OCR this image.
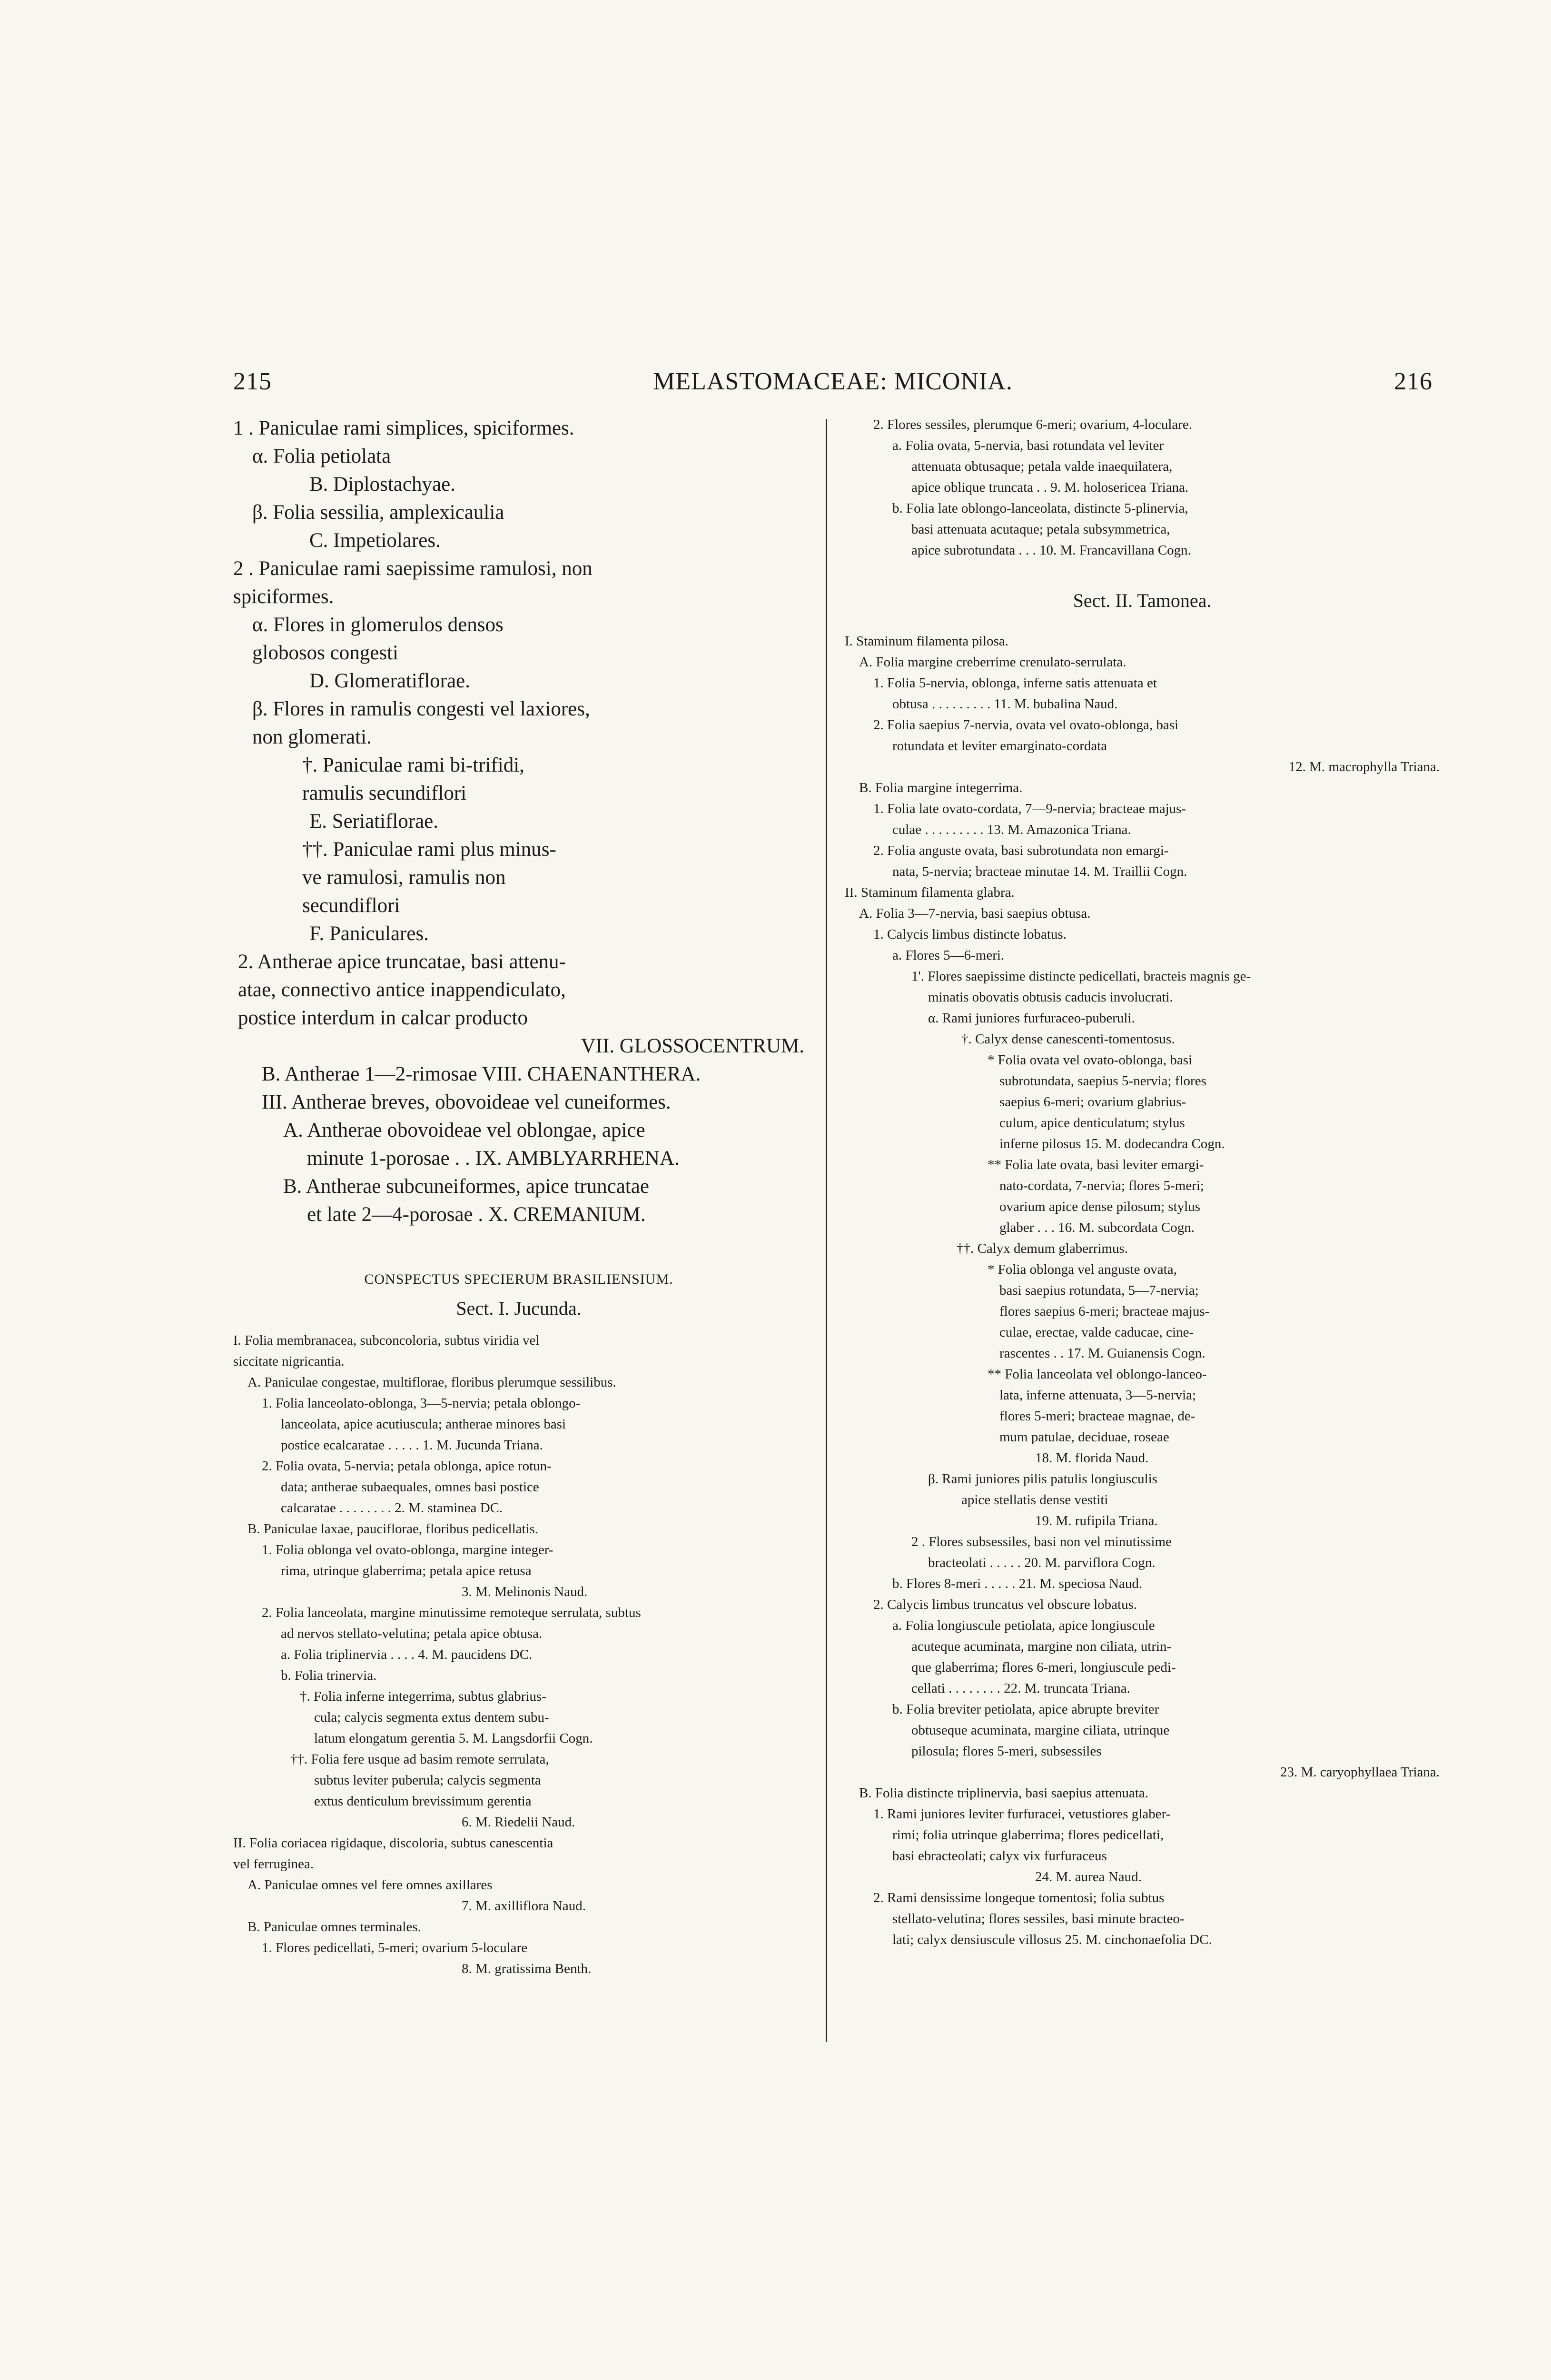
215	MELASTOMACEAE: MICONIA.	216
1 . Paniculae rami simplices, spiciformes.
α. Folia petiolata
B. Diplostachyae.
β. Folia sessilia, amplexicaulia
C. Impetiolares.
2 . Paniculae rami saepissime ramulosi, non
spiciformes.
α. Flores in glomerulos densos
globosos congesti
D. Glomeratiflorae.
β. Flores in ramulis congesti vel laxiores,
non glomerati.
†. Paniculae rami bi-trifidi,
ramulis secundiflori
E. Seriatiflorae.
††. Paniculae rami plus minus-
ve ramulosi, ramulis non
secundiflori
F. Paniculares.
2. Antherae apice truncatae, basi attenu-
atae, connectivo antice inappendiculato,
postice interdum in calcar producto
VII. GLOSSOCENTRUM.
B. Antherae 1—2-rimosae VIII. CHAENANTHERA.
III. Antherae breves, obovoideae vel cuneiformes.
A. Antherae obovoideae vel oblongae, apice
minute 1-porosae . . IX. AMBLYARRHENA.
B. Antherae subcuneiformes, apice truncatae
et late 2—4-porosae . X. CREMANIUM.
CONSPECTUS SPECIERUM BRASILIENSIUM.
Sect. I. Jucunda.
I. Folia membranacea, subconcoloria, subtus viridia vel
siccitate nigricantia.
A. Paniculae congestae, multiflorae, floribus plerumque sessilibus.
1. Folia lanceolato-oblonga, 3—5-nervia; petala oblongo-
lanceolata, apice acutiuscula; antherae minores basi
postice ecalcaratae . . . . . 1. M. Jucunda Triana.
2. Folia ovata, 5-nervia; petala oblonga, apice rotun-
data; antherae subaequales, omnes basi postice
calcaratae . . . . . . . . 2. M. staminea DC.
B. Paniculae laxae, pauciflorae, floribus pedicellatis.
1. Folia oblonga vel ovato-oblonga, margine integer-
rima, utrinque glaberrima; petala apice retusa
3. M. Melinonis Naud.
2. Folia lanceolata, margine minutissime remoteque serrulata, subtus
ad nervos stellato-velutina; petala apice obtusa.
a. Folia triplinervia . . . . 4. M. paucidens DC.
b. Folia trinervia.
†. Folia inferne integerrima, subtus glabrius-
cula; calycis segmenta extus dentem subu-
latum elongatum gerentia 5. M. Langsdorfii Cogn.
††. Folia fere usque ad basim remote serrulata,
subtus leviter puberula; calycis segmenta
extus denticulum brevissimum gerentia
6. M. Riedelii Naud.
II. Folia coriacea rigidaque, discoloria, subtus canescentia
vel ferruginea.
A. Paniculae omnes vel fere omnes axillares
7. M. axilliflora Naud.
B. Paniculae omnes terminales.
1. Flores pedicellati, 5-meri; ovarium 5-loculare
8. M. gratissima Benth.
2. Flores sessiles, plerumque 6-meri; ovarium, 4-loculare.
a. Folia ovata, 5-nervia, basi rotundata vel leviter
attenuata obtusaque; petala valde inaequilatera,
apice oblique truncata . . 9. M. holosericea Triana.
b. Folia late oblongo-lanceolata, distincte 5-plinervia,
basi attenuata acutaque; petala subsymmetrica,
apice subrotundata . . . 10. M. Francavillana Cogn.
Sect. II. Tamonea.
I. Staminum filamenta pilosa.
A. Folia margine creberrime crenulato-serrulata.
1. Folia 5-nervia, oblonga, inferne satis attenuata et
obtusa . . . . . . . . . 11. M. bubalina Naud.
2. Folia saepius 7-nervia, ovata vel ovato-oblonga, basi
rotundata et leviter emarginato-cordata
12. M. macrophylla Triana.
B. Folia margine integerrima.
1. Folia late ovato-cordata, 7—9-nervia; bracteae majus-
culae . . . . . . . . . 13. M. Amazonica Triana.
2. Folia anguste ovata, basi subrotundata non emargi-
nata, 5-nervia; bracteae minutae 14. M. Traillii Cogn.
II. Staminum filamenta glabra.
A. Folia 3—7-nervia, basi saepius obtusa.
1. Calycis limbus distincte lobatus.
a. Flores 5—6-meri.
1'. Flores saepissime distincte pedicellati, bracteis magnis ge-
minatis obovatis obtusis caducis involucrati.
α. Rami juniores furfuraceo-puberuli.
†. Calyx dense canescenti-tomentosus.
* Folia ovata vel ovato-oblonga, basi
subrotundata, saepius 5-nervia; flores
saepius 6-meri; ovarium glabrius-
culum, apice denticulatum; stylus
inferne pilosus 15. M. dodecandra Cogn.
** Folia late ovata, basi leviter emargi-
nato-cordata, 7-nervia; flores 5-meri;
ovarium apice dense pilosum; stylus
glaber . . . 16. M. subcordata Cogn.
††. Calyx demum glaberrimus.
* Folia oblonga vel anguste ovata,
basi saepius rotundata, 5—7-nervia;
flores saepius 6-meri; bracteae majus-
culae, erectae, valde caducae, cine-
rascentes . . 17. M. Guianensis Cogn.
** Folia lanceolata vel oblongo-lanceo-
lata, inferne attenuata, 3—5-nervia;
flores 5-meri; bracteae magnae, de-
mum patulae, deciduae, roseae
18. M. florida Naud.
β. Rami juniores pilis patulis longiusculis
apice stellatis dense vestiti
19. M. rufipila Triana.
2 . Flores subsessiles, basi non vel minutissime
bracteolati . . . . . 20. M. parviflora Cogn.
b. Flores 8-meri . . . . . 21. M. speciosa Naud.
2. Calycis limbus truncatus vel obscure lobatus.
a. Folia longiuscule petiolata, apice longiuscule
acuteque acuminata, margine non ciliata, utrin-
que glaberrima; flores 6-meri, longiuscule pedi-
cellati . . . . . . . . 22. M. truncata Triana.
b. Folia breviter petiolata, apice abrupte breviter
obtuseque acuminata, margine ciliata, utrinque
pilosula; flores 5-meri, subsessiles
23. M. caryophyllaea Triana.
B. Folia distincte triplinervia, basi saepius attenuata.
1. Rami juniores leviter furfuracei, vetustiores glaber-
rimi; folia utrinque glaberrima; flores pedicellati,
basi ebracteolati; calyx vix furfuraceus
24. M. aurea Naud.
2. Rami densissime longeque tomentosi; folia subtus
stellato-velutina; flores sessiles, basi minute bracteo-
lati; calyx densiuscule villosus 25. M. cinchonaefolia DC.
